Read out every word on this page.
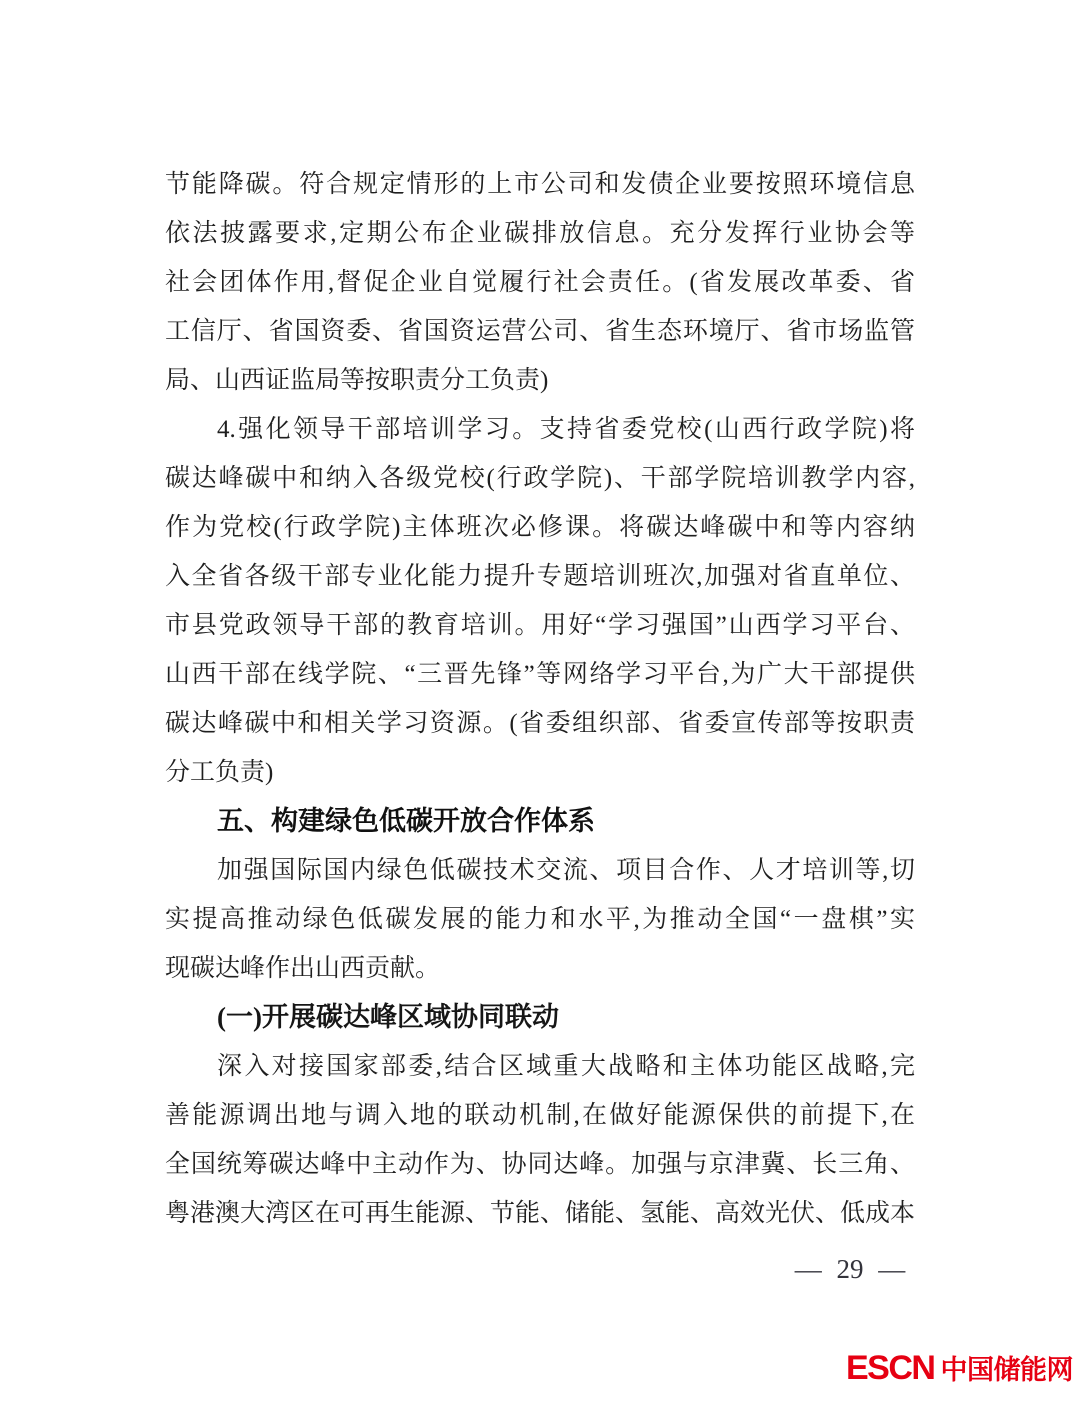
节能降碳。符合规定情形的上市公司和发债企业要按照环境信息
依法披露要求,定期公布企业碳排放信息。充分发挥行业协会等
社会团体作用,督促企业自觉履行社会责任。(省发展改革委、省
工信厅、省国资委、省国资运营公司、省生态环境厅、省市场监管
局、山西证监局等按职责分工负责)
4.强化领导干部培训学习。支持省委党校(山西行政学院)将
碳达峰碳中和纳入各级党校(行政学院)、干部学院培训教学内容,
作为党校(行政学院)主体班次必修课。将碳达峰碳中和等内容纳
入全省各级干部专业化能力提升专题培训班次,加强对省直单位、
市县党政领导干部的教育培训。用好“学习强国”山西学习平台、
山西干部在线学院、“三晋先锋”等网络学习平台,为广大干部提供
碳达峰碳中和相关学习资源。(省委组织部、省委宣传部等按职责
分工负责)
五、构建绿色低碳开放合作体系
加强国际国内绿色低碳技术交流、项目合作、人才培训等,切
实提高推动绿色低碳发展的能力和水平,为推动全国“一盘棋”实
现碳达峰作出山西贡献。
(一)开展碳达峰区域协同联动
深入对接国家部委,结合区域重大战略和主体功能区战略,完
善能源调出地与调入地的联动机制,在做好能源保供的前提下,在
全国统筹碳达峰中主动作为、协同达峰。加强与京津冀、长三角、
粤港澳大湾区在可再生能源、节能、储能、氢能、高效光伏、低成本
— 29 —
ESCN 中国储能网
